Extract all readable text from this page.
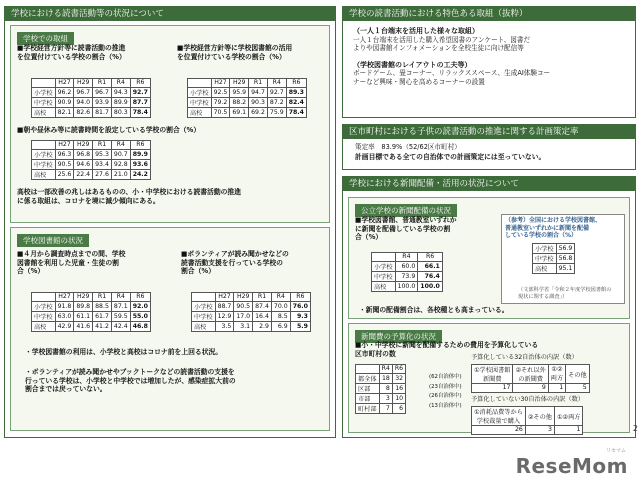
学校における読書活動等の状況について
学校での取組
■学校経営方針等に読書活動の推進
を位置付けている学校の割合（%）
	H27	H29	R1	R4	R6
小学校	96.2	96.7	96.7	94.3	92.7
中学校	90.9	94.0	93.9	89.9	87.7
高校	82.1	82.6	81.7	80.3	78.4
■学校経営方針等に学校図書館の活用
を位置付けている学校の割合（%）
	H27	H29	R1	R4	R6
小学校	92.5	95.9	94.7	92.7	89.3
中学校	79.2	88.2	90.3	87.2	82.4
高校	70.5	69.1	69.2	75.9	78.4
■朝や昼休み等に読書時間を設定している学校の割合（%）
	H27	H29	R1	R4	R6
小学校	96.3	96.8	95.3	90.7	89.9
中学校	90.5	94.6	93.4	92.8	93.6
高校	25.6	22.4	27.6	21.0	24.2
高校は一部改善の兆しはあるものの、小・中学校における読書活動の推進
に係る取組は、コロナを境に減少傾向にある。
学校図書館の状況
■４月から調査時点までの間、学校
図書館を利用した児童・生徒の割
合（%）
	H27	H29	R1	R4	R6
小学校	91.8	89.8	88.5	87.1	92.0
中学校	63.0	61.1	61.7	59.5	55.0
高校	42.9	41.6	41.2	42.4	46.8
■ボランティアが読み聞かせなどの
読書活動支援を行っている学校の
割合（%）
	H27	H29	R1	R4	R6
小学校	88.7	90.5	87.4	70.0	76.0
中学校	12.9	17.0	16.4	8.5	9.3
高校	3.5	3.1	2.9	6.9	5.9
・学校図書館の利用は、小学校と高校はコロナ前を上回る状況。
・ボランティアが読み聞かせやブックトークなどの読書活動の支援を
行っている学校は、小学校と中学校では増加したが、感染症拡大前の
割合までは戻っていない。
学校の読書活動における特色ある取組（抜粋）
（一人１台端末を活用した様々な取組）
一人１台端末を活用した購入希望図書のアンケート、図書だ
よりや図書館インフォメーションを全校生徒に向け配信等
（学校図書館のレイアウトの工夫等）
ボードゲーム、畳コーナー、リラックススペース、生成AI体験コー
ナーなど興味・関心を高めるコーナーの設置
区市町村における子供の読書活動の推進に関する計画策定率
策定率　83.9%（52/62区市町村）
計画目標である全ての自治体での計画策定には至っていない。
学校における新聞配備・活用の状況について
公立学校の新聞配備の状況
■学校図書館、普通教室いずれか
に新聞を配備している学校の割
合（%）
	R4	R6
小学校	60.0	66.1
中学校	73.9	76.4
高校	100.0	100.0
（参考）全国における学校図書館、
普通教室いずれかに新聞を配備
している学校の割合（%）
小学校	56.9
中学校	56.8
高校	95.1
（文部科学省「令和２年度学校図書館の
現状に関する調査」）
・新聞の配備割合は、各校種とも高まっている。
新聞費の予算化の状況
■小・中学校に新聞を配備するための費用を予算化している
区市町村の数
	R4	R6
都全体	18	32
区部	8	16
市部	3	10
町村部	7	6
(62自治体中)
(23自治体中)
(26自治体中)
(13自治体中)
予算化している32自治体の内訳（数）
①学校図書館
新聞費	②それ以外
の新聞費	①②
両方	その他
17	9	1	5
予算化していない30自治体の内訳（数）
①消耗品費等から
学校裁量で購入	②その他	①②両方
26	3	1	2
リセマム
ReseMom
